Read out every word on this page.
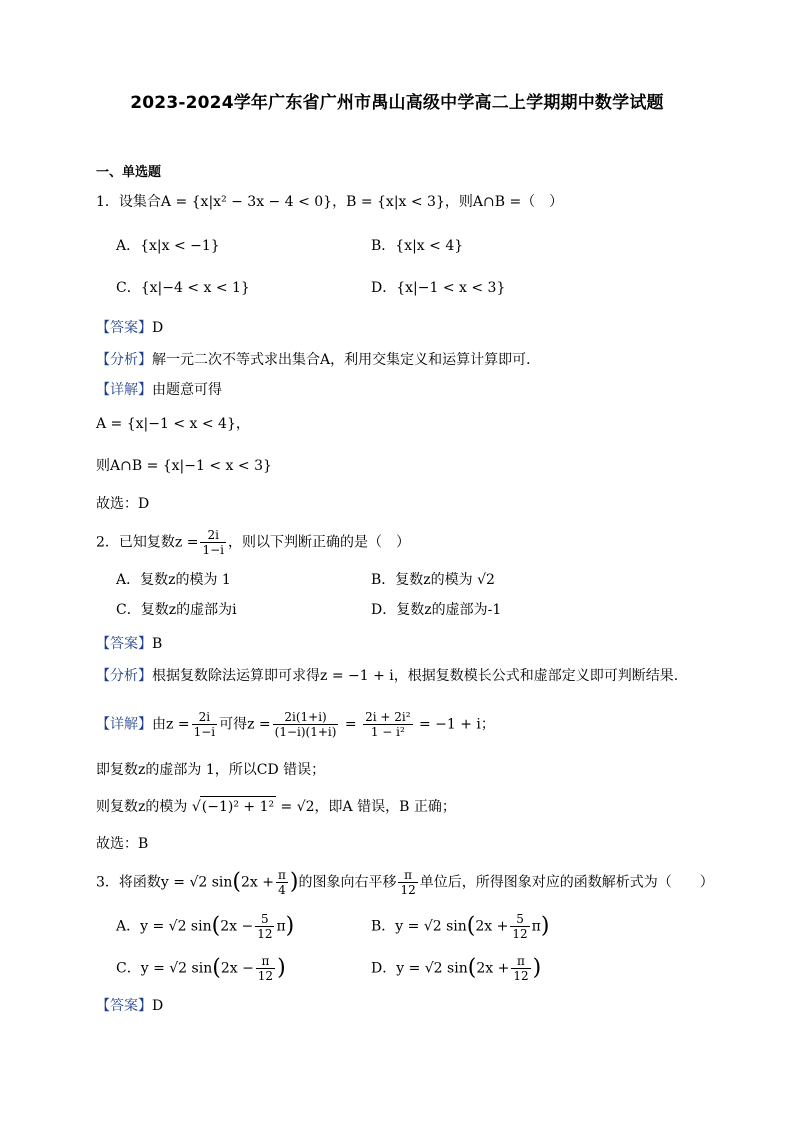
2023-2024学年广东省广州市禺山高级中学高二上学期期中数学试题
一、单选题
1．设集合A = {x|x² − 3x − 4 < 0}，B = {x|x < 3}，则A∩B =（　）
A．{x|x < −1}	B．{x|x < 4}
C．{x|−4 < x < 1}	D．{x|−1 < x < 3}
【答案】D
【分析】解一元二次不等式求出集合A，利用交集定义和运算计算即可．
【详解】由题意可得
A = {x|−1 < x < 4}，
则A∩B = {x|−1 < x < 3}
故选：D
2．已知复数$z = \frac{2i}{1-i}$ ，则以下判断正确的是（　）
A．复数z的模为 1	B．复数z的模为 √2
C．复数z的虚部为i	D．复数z的虚部为-1
【答案】B
【分析】根据复数除法运算即可求得z = −1 + i，根据复数模长公式和虚部定义即可判断结果.
【详解】由$z = \frac{2i}{1-i}$ 可得$z = \frac{2i(1+i)}{(1-i)(1+i)} = \frac{\text{2i + 2i²}}{\text{1 − i²}} = -1 + i$；
即复数z的虚部为 1，所以CD 错误；
则复数z的模为 √(−1)² + 1² = √2，即A 错误，B 正确；
故选：B
3．将函数y = √2 $\sin(2x + \frac{\pi}{4}$ )的图象向右平移 $\frac{\pi}{12}$ 单位后，所得图象对应的函数解析式为（　　）
A．y = √2 $\sin(2x - \frac{5}{12} \pi)$	B．y = √2 $\sin(2x + \frac{5}{12} \pi)$
C．y = √2 $\sin(2x - \frac{\pi}{12}$ )	D．y = √2 $\sin(2x + \frac{\pi}{12}$ )
【答案】D
